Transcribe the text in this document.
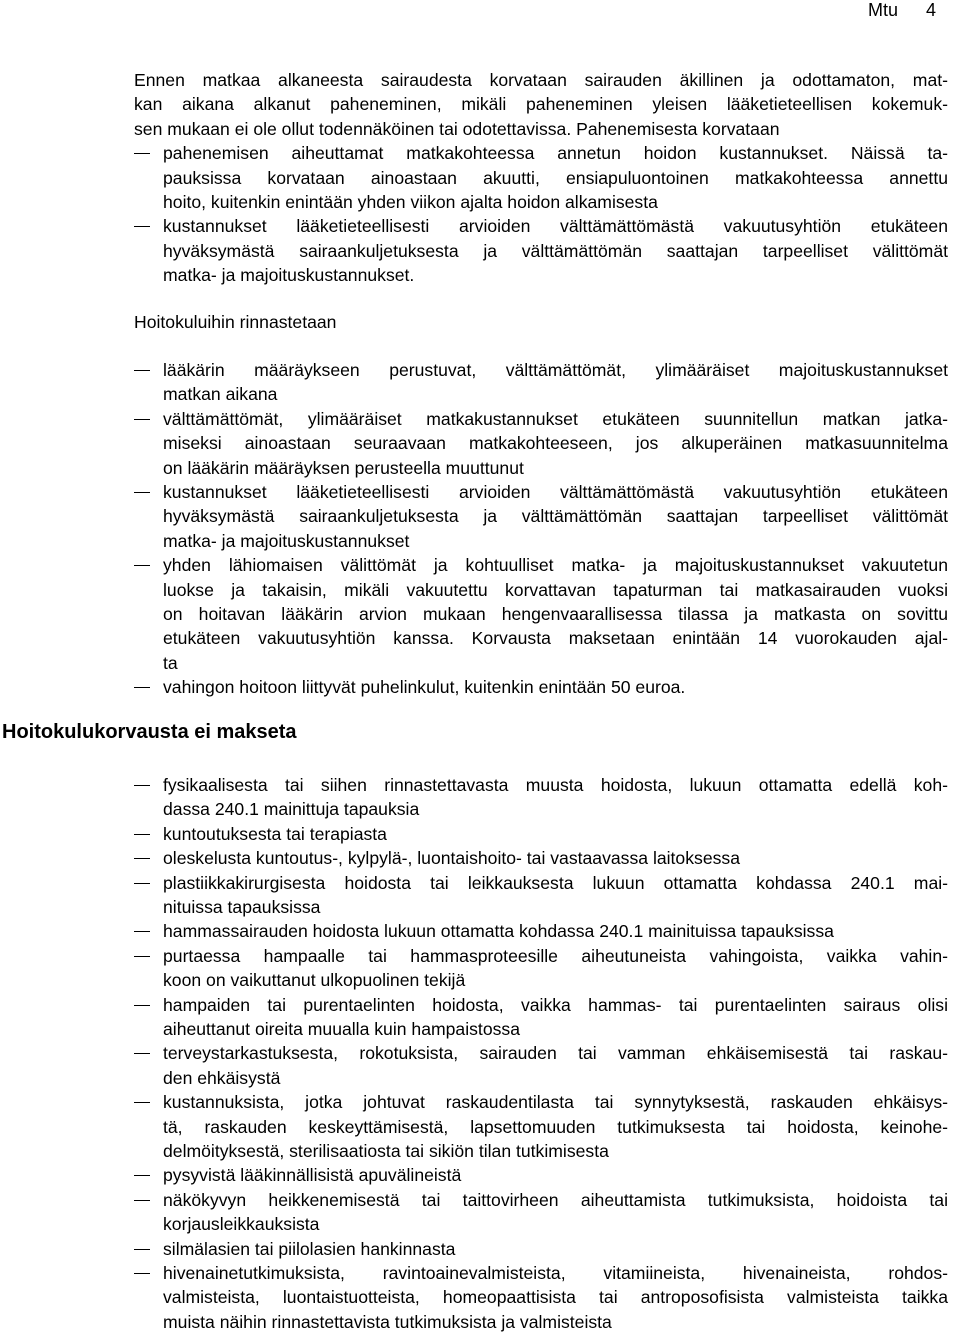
Mtu 4
Ennen matkaa alkaneesta sairaudesta korvataan sairauden äkillinen ja odottamaton, mat-
kan aikana alkanut paheneminen, mikäli paheneminen yleisen lääketieteellisen kokemuk-
sen mukaan ei ole ollut todennäköinen tai odotettavissa. Pahenemisesta korvataan
pahenemisen aiheuttamat matkakohteessa annetun hoidon kustannukset. Näissä ta-
pauksissa korvataan ainoastaan akuutti, ensiapuluontoinen matkakohteessa annettu
hoito, kuitenkin enintään yhden viikon ajalta hoidon alkamisesta
kustannukset lääketieteellisesti arvioiden välttämättömästä vakuutusyhtiön etukäteen
hyväksymästä sairaankuljetuksesta ja välttämättömän saattajan tarpeelliset välittömät
matka- ja majoituskustannukset.
Hoitokuluihin rinnastetaan
lääkärin määräykseen perustuvat, välttämättömät, ylimääräiset majoituskustannukset
matkan aikana
välttämättömät, ylimääräiset matkakustannukset etukäteen suunnitellun matkan jatka-
miseksi ainoastaan seuraavaan matkakohteeseen, jos alkuperäinen matkasuunnitelma
on lääkärin määräyksen perusteella muuttunut
kustannukset lääketieteellisesti arvioiden välttämättömästä vakuutusyhtiön etukäteen
hyväksymästä sairaankuljetuksesta ja välttämättömän saattajan tarpeelliset välittömät
matka- ja majoituskustannukset
yhden lähiomaisen välittömät ja kohtuulliset matka- ja majoituskustannukset vakuutetun
luokse ja takaisin, mikäli vakuutettu korvattavan tapaturman tai matkasairauden vuoksi
on hoitavan lääkärin arvion mukaan hengenvaarallisessa tilassa ja matkasta on sovittu
etukäteen vakuutusyhtiön kanssa. Korvausta maksetaan enintään 14 vuorokauden ajal-
ta
vahingon hoitoon liittyvät puhelinkulut, kuitenkin enintään 50 euroa.
fysikaalisesta tai siihen rinnastettavasta muusta hoidosta, lukuun ottamatta edellä koh-
dassa 240.1 mainittuja tapauksia
kuntoutuksesta tai terapiasta
oleskelusta kuntoutus-, kylpylä-, luontaishoito- tai vastaavassa laitoksessa
plastiikkakirurgisesta hoidosta tai leikkauksesta lukuun ottamatta kohdassa 240.1 mai-
nituissa tapauksissa
hammassairauden hoidosta lukuun ottamatta kohdassa 240.1 mainituissa tapauksissa
purtaessa hampaalle tai hammasproteesille aiheutuneista vahingoista, vaikka vahin-
koon on vaikuttanut ulkopuolinen tekijä
hampaiden tai purentaelinten hoidosta, vaikka hammas- tai purentaelinten sairaus olisi
aiheuttanut oireita muualla kuin hampaistossa
terveystarkastuksesta, rokotuksista, sairauden tai vamman ehkäisemisestä tai raskau-
den ehkäisystä
kustannuksista, jotka johtuvat raskaudentilasta tai synnytyksestä, raskauden ehkäisys-
tä, raskauden keskeyttämisestä, lapsettomuuden tutkimuksesta tai hoidosta, keinohe-
delmöityksestä, sterilisaatiosta tai sikiön tilan tutkimisesta
pysyvistä lääkinnällisistä apuvälineistä
näkökyvyn heikkenemisestä tai taittovirheen aiheuttamista tutkimuksista, hoidoista tai
korjausleikkauksista
silmälasien tai piilolasien hankinnasta
hivenainetutkimuksista, ravintoainevalmisteista, vitamiineista, hivenaineista, rohdos-
valmisteista, luontaistuotteista, homeopaattisista tai antroposofisista valmisteista taikka
muista näihin rinnastettavista tutkimuksista ja valmisteista
Hoitokulukorvausta ei makseta
